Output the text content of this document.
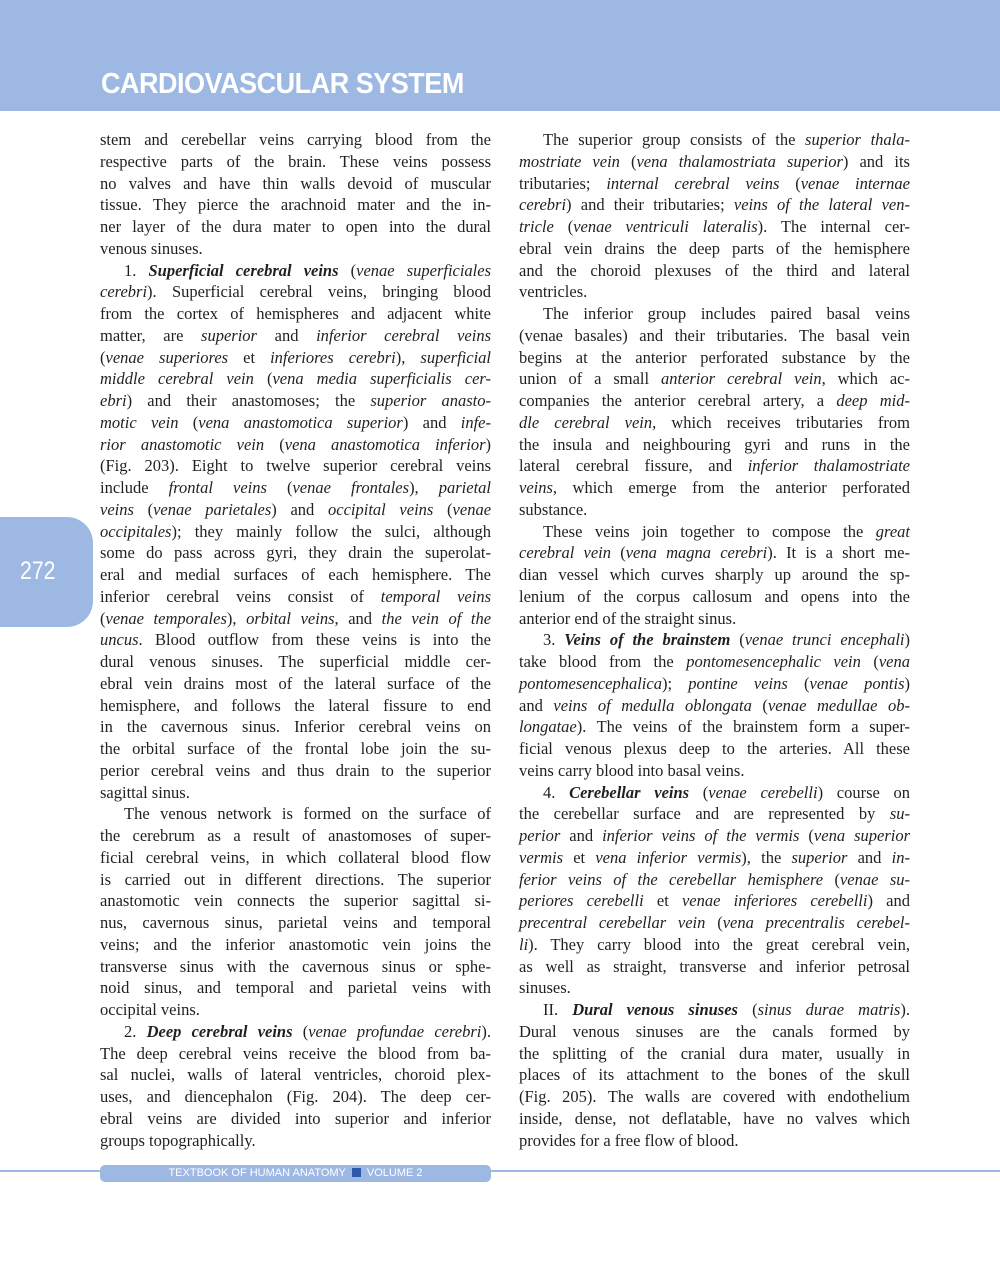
CARDIOVASCULAR SYSTEM
272
stem and cerebellar veins carrying blood from the
respective parts of the brain. These veins possess
no valves and have thin walls devoid of muscular
tissue. They pierce the arachnoid mater and the in-
ner layer of the dura mater to open into the dural
venous sinuses.
1. Superficial cerebral veins (venae superficiales
cerebri). Superficial cerebral veins, bringing blood
from the cortex of hemispheres and adjacent white
matter, are superior and inferior cerebral veins
(venae superiores et inferiores cerebri), superficial
middle cerebral vein (vena media superficialis cer-
ebri) and their anastomoses; the superior anasto-
motic vein (vena anastomotica superior) and infe-
rior anastomotic vein (vena anastomotica inferior)
(Fig. 203). Eight to twelve superior cerebral veins
include frontal veins (venae frontales), parietal
veins (venae parietales) and occipital veins (venae
occipitales); they mainly follow the sulci, although
some do pass across gyri, they drain the superolat-
eral and medial surfaces of each hemisphere. The
inferior cerebral veins consist of temporal veins
(venae temporales), orbital veins, and the vein of the
uncus. Blood outflow from these veins is into the
dural venous sinuses. The superficial middle cer-
ebral vein drains most of the lateral surface of the
hemisphere, and follows the lateral fissure to end
in the cavernous sinus. Inferior cerebral veins on
the orbital surface of the frontal lobe join the su-
perior cerebral veins and thus drain to the superior
sagittal sinus.
The venous network is formed on the surface of
the cerebrum as a result of anastomoses of super-
ficial cerebral veins, in which collateral blood flow
is carried out in different directions. The superior
anastomotic vein connects the superior sagittal si-
nus, cavernous sinus, parietal veins and temporal
veins; and the inferior anastomotic vein joins the
transverse sinus with the cavernous sinus or sphe-
noid sinus, and temporal and parietal veins with
occipital veins.
2. Deep cerebral veins (venae profundae cerebri).
The deep cerebral veins receive the blood from ba-
sal nuclei, walls of lateral ventricles, choroid plex-
uses, and diencephalon (Fig. 204). The deep cer-
ebral veins are divided into superior and inferior
groups topographically.
The superior group consists of the superior thala-
mostriate vein (vena thalamostriata superior) and its
tributaries; internal cerebral veins (venae internae
cerebri) and their tributaries; veins of the lateral ven-
tricle (venae ventriculi lateralis). The internal cer-
ebral vein drains the deep parts of the hemisphere
and the choroid plexuses of the third and lateral
ventricles.
The inferior group includes paired basal veins
(venae basales) and their tributaries. The basal vein
begins at the anterior perforated substance by the
union of a small anterior cerebral vein, which ac-
companies the anterior cerebral artery, a deep mid-
dle cerebral vein, which receives tributaries from
the insula and neighbouring gyri and runs in the
lateral cerebral fissure, and inferior thalamostriate
veins, which emerge from the anterior perforated
substance.
These veins join together to compose the great
cerebral vein (vena magna cerebri). It is a short me-
dian vessel which curves sharply up around the sp-
lenium of the corpus callosum and opens into the
anterior end of the straight sinus.
3. Veins of the brainstem (venae trunci encephali)
take blood from the pontomesencephalic vein (vena
pontomesencephalica); pontine veins (venae pontis)
and veins of medulla oblongata (venae medullae ob-
longatae). The veins of the brainstem form a super-
ficial venous plexus deep to the arteries. All these
veins carry blood into basal veins.
4. Cerebellar veins (venae cerebelli) course on
the cerebellar surface and are represented by su-
perior and inferior veins of the vermis (vena superior
vermis et vena inferior vermis), the superior and in-
ferior veins of the cerebellar hemisphere (venae su-
periores cerebelli et venae inferiores cerebelli) and
precentral cerebellar vein (vena precentralis cerebel-
li). They carry blood into the great cerebral vein,
as well as straight, transverse and inferior petrosal
sinuses.
II. Dural venous sinuses (sinus durae matris).
Dural venous sinuses are the canals formed by
the splitting of the cranial dura mater, usually in
places of its attachment to the bones of the skull
(Fig. 205). The walls are covered with endothelium
inside, dense, not deflatable, have no valves which
provides for a free flow of blood.
TEXTBOOK OF HUMAN ANATOMY VOLUME 2
